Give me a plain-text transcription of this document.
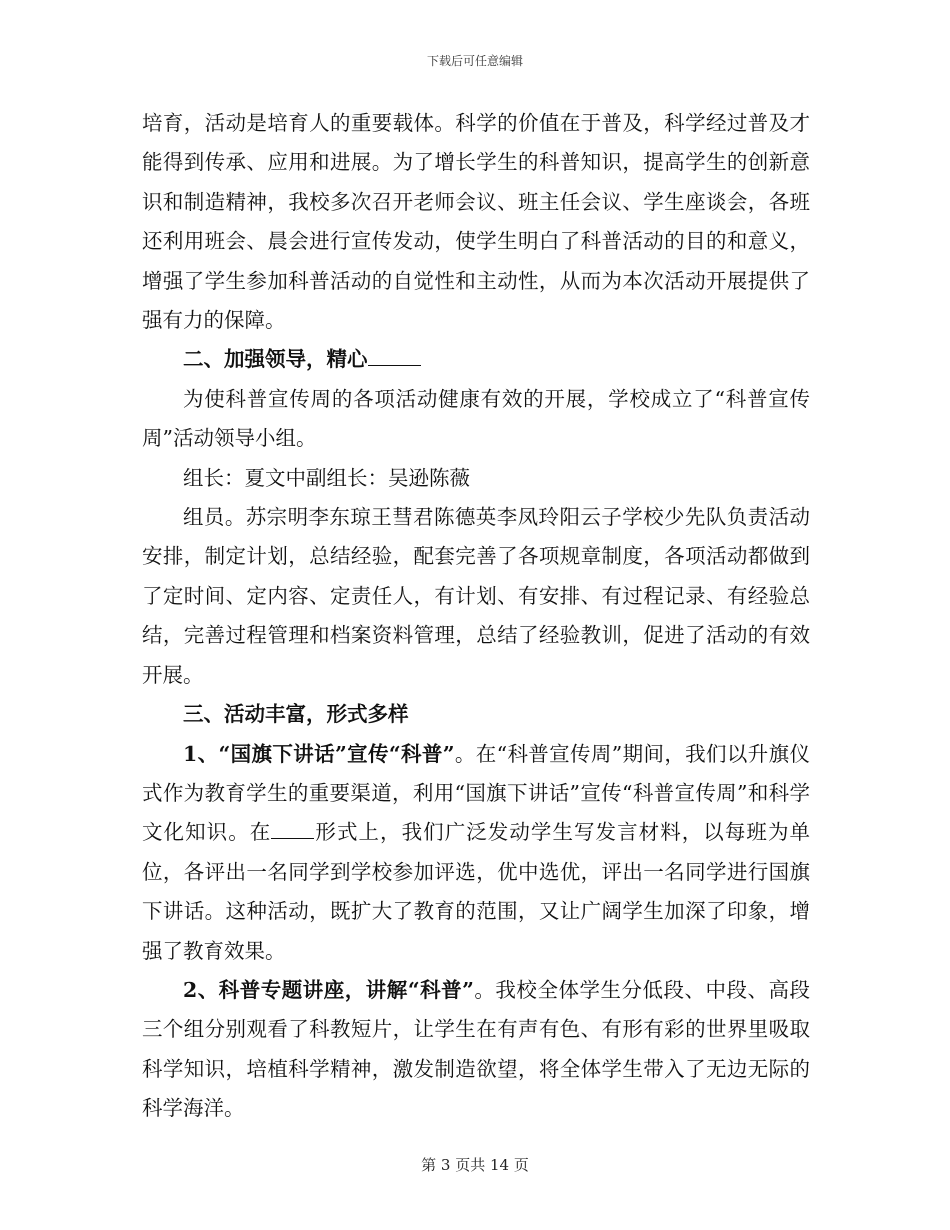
下载后可任意编辑

培育，活动是培育人的重要载体。科学的价值在于普及，科学经过普及才能得到传承、应用和进展。为了增长学生的科普知识，提高学生的创新意识和制造精神，我校多次召开老师会议、班主任会议、学生座谈会，各班还利用班会、晨会进行宣传发动，使学生明白了科普活动的目的和意义，增强了学生参加科普活动的自觉性和主动性，从而为本次活动开展提供了强有力的保障。

二、加强领导，精心

为使科普宣传周的各项活动健康有效的开展，学校成立了“科普宣传周”活动领导小组。

组长：夏文中副组长：吴逊陈薇

组员。苏宗明李东琼王彗君陈德英李凤玲阳云子学校少先队负责活动安排，制定计划，总结经验，配套完善了各项规章制度，各项活动都做到了定时间、定内容、定责任人，有计划、有安排、有过程记录、有经验总结，完善过程管理和档案资料管理，总结了经验教训，促进了活动的有效开展。

三、活动丰富，形式多样

1、“国旗下讲话”宣传“科普”。在“科普宣传周”期间，我们以升旗仪式作为教育学生的重要渠道，利用“国旗下讲话”宣传“科普宣传周”和科学文化知识。在 形式上，我们广泛发动学生写发言材料，以每班为单位，各评出一名同学到学校参加评选，优中选优，评出一名同学进行国旗下讲话。这种活动，既扩大了教育的范围，又让广阔学生加深了印象，增强了教育效果。

2、科普专题讲座，讲解“科普”。我校全体学生分低段、中段、高段三个组分别观看了科教短片，让学生在有声有色、有形有彩的世界里吸取科学知识，培植科学精神，激发制造欲望，将全体学生带入了无边无际的科学海洋。

第 3 页共 14 页
